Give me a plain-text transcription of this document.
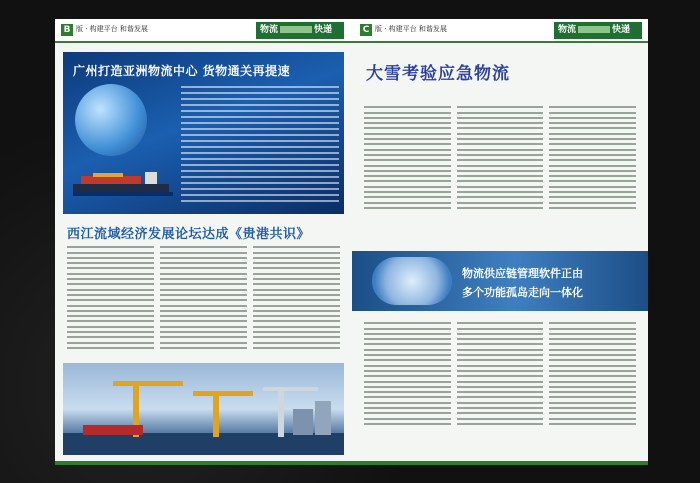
B 版 · 构建平台 和谐发展	物流	快递
广州打造亚洲物流中心 货物通关再提速
西江流域经济发展论坛达成《贵港共识》
C 版 · 构建平台 和谐发展	物流	快递
大雪考验应急物流
物流供应链管理软件正由
多个功能孤岛走向一体化
